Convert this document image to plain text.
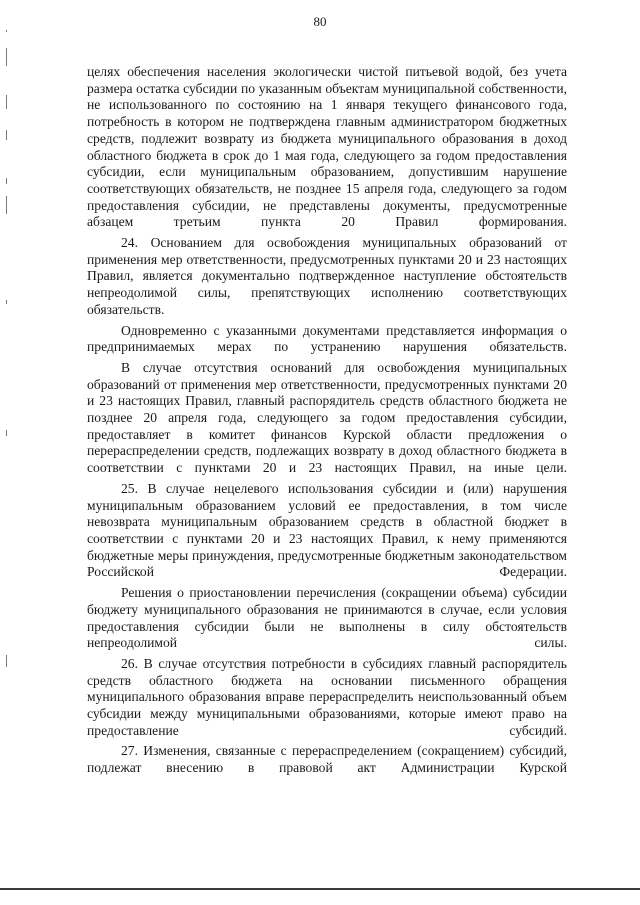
80

целях обеспечения населения экологически чистой питьевой водой, без учета размера остатка субсидии по указанным объектам муниципальной собственности, не использованного по состоянию на 1 января текущего финансового года, потребность в котором не подтверждена главным администратором бюджетных средств, подлежит возврату из бюджета муниципального образования в доход областного бюджета в срок до 1 мая года, следующего за годом предоставления субсидии, если муниципальным образованием, допустившим нарушение соответствующих обязательств, не позднее 15 апреля года, следующего за годом предоставления субсидии, не представлены документы, предусмотренные абзацем третьим пункта 20 Правил формирования.

24. Основанием для освобождения муниципальных образований от применения мер ответственности, предусмотренных пунктами 20 и 23 настоящих Правил, является документально подтвержденное наступление обстоятельств непреодолимой силы, препятствующих исполнению соответствующих обязательств.

Одновременно с указанными документами представляется информация о предпринимаемых мерах по устранению нарушения обязательств.

В случае отсутствия оснований для освобождения муниципальных образований от применения мер ответственности, предусмотренных пунктами 20 и 23 настоящих Правил, главный распорядитель средств областного бюджета не позднее 20 апреля года, следующего за годом предоставления субсидии, предоставляет в комитет финансов Курской области предложения о перераспределении средств, подлежащих возврату в доход областного бюджета в соответствии с пунктами 20 и 23 настоящих Правил, на иные цели.

25. В случае нецелевого использования субсидии и (или) нарушения муниципальным образованием условий ее предоставления, в том числе невозврата муниципальным образованием средств в областной бюджет в соответствии с пунктами 20 и 23 настоящих Правил, к нему применяются бюджетные меры принуждения, предусмотренные бюджетным законодательством Российской Федерации.

Решения о приостановлении перечисления (сокращении объема) субсидии бюджету муниципального образования не принимаются в случае, если условия предоставления субсидии были не выполнены в силу обстоятельств непреодолимой силы.

26. В случае отсутствия потребности в субсидиях главный распорядитель средств областного бюджета на основании письменного обращения муниципального образования вправе перераспределить неиспользованный объем субсидии между муниципальными образованиями, которые имеют право на предоставление субсидий.

27. Изменения, связанные с перераспределением (сокращением) субсидий, подлежат внесению в правовой акт Администрации Курской
